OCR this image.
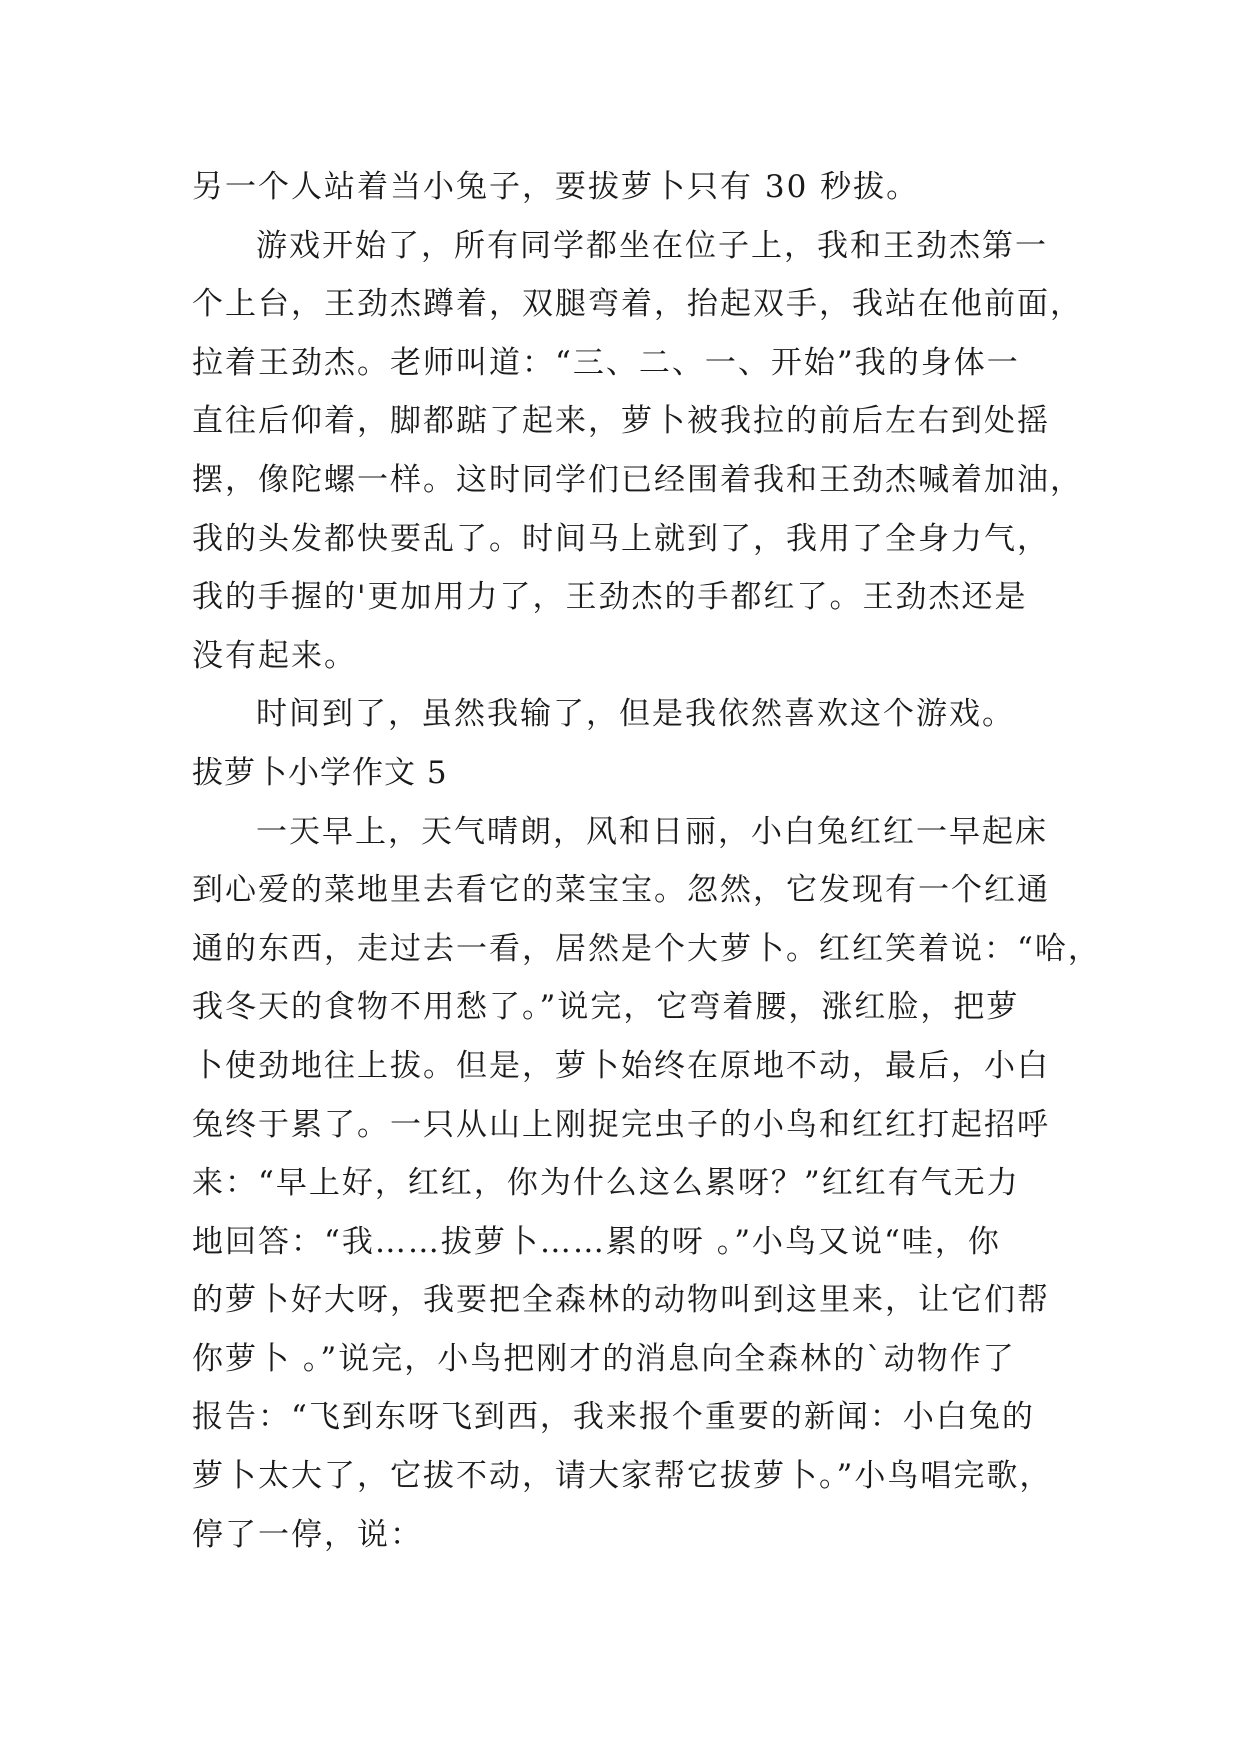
另一个人站着当小兔子，要拔萝卜只有 30 秒拔。
游戏开始了，所有同学都坐在位子上，我和王劲杰第一
个上台，王劲杰蹲着，双腿弯着，抬起双手，我站在他前面，
拉着王劲杰。老师叫道：“三、二、一、开始”我的身体一
直往后仰着，脚都踮了起来，萝卜被我拉的前后左右到处摇
摆，像陀螺一样。这时同学们已经围着我和王劲杰喊着加油，
我的头发都快要乱了。时间马上就到了，我用了全身力气，
我的手握的'更加用力了，王劲杰的手都红了。王劲杰还是
没有起来。
时间到了，虽然我输了，但是我依然喜欢这个游戏。
拔萝卜小学作文 5
一天早上，天气晴朗，风和日丽，小白兔红红一早起床
到心爱的菜地里去看它的菜宝宝。忽然，它发现有一个红通
通的东西，走过去一看，居然是个大萝卜。红红笑着说：“哈，
我冬天的食物不用愁了。”说完，它弯着腰，涨红脸，把萝
卜使劲地往上拔。但是，萝卜始终在原地不动，最后，小白
兔终于累了。一只从山上刚捉完虫子的小鸟和红红打起招呼
来：“早上好，红红，你为什么这么累呀？”红红有气无力
地回答：“我……拔萝卜……累的呀 。”小鸟又说“哇，你
的萝卜好大呀，我要把全森林的动物叫到这里来，让它们帮
你萝卜 。”说完，小鸟把刚才的消息向全森林的`动物作了
报告：“飞到东呀飞到西，我来报个重要的新闻：小白兔的
萝卜太大了，它拔不动，请大家帮它拔萝卜。”小鸟唱完歌，
停了一停，说：
